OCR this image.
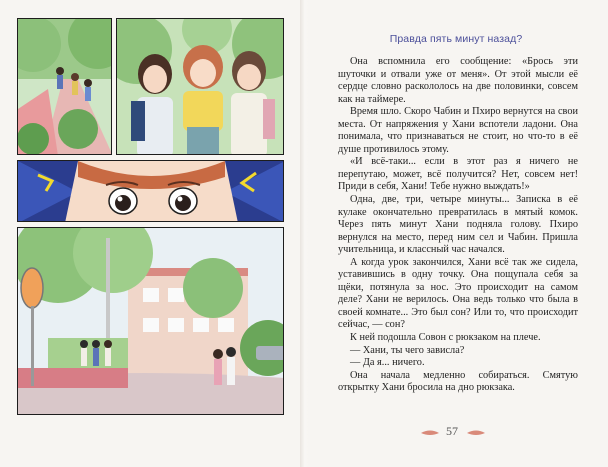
Правда пять минут назад?

Она вспомнила его сообщение: «Брось эти шуточки и отвали уже от меня». От этой мысли её сердце словно раскололось на две половинки, совсем как на таймере.

Время шло. Скоро Чабин и Пхиро вернутся на свои места. От напряжения у Хани вспотели ладони. Она понимала, что признаваться не стоит, но что-то в её душе противилось этому.

«И всё-таки... если в этот раз я ничего не перепутаю, может, всё получится? Нет, совсем нет! Приди в себя, Хани! Тебе нужно выждать!»

Одна, две, три, четыре минуты... Записка в её кулаке окончательно превратилась в мятый комок. Через пять минут Хани подняла голову. Пхиро вернулся на место, перед ним сел и Чабин. Пришла учительница, и классный час начался.

А когда урок закончился, Хани всё так же сидела, уставившись в одну точку. Она пощупала себя за щёки, потянула за нос. Это происходит на самом деле? Хани не верилось. Она ведь только что была в своей комнате... Это был сон? Или то, что происходит сейчас, — сон?

К ней подошла Совон с рюкзаком на плече.

— Хани, ты чего зависла?

— Да я... ничего.

Она начала медленно собираться. Смятую открытку Хани бросила на дно рюкзака.

57
